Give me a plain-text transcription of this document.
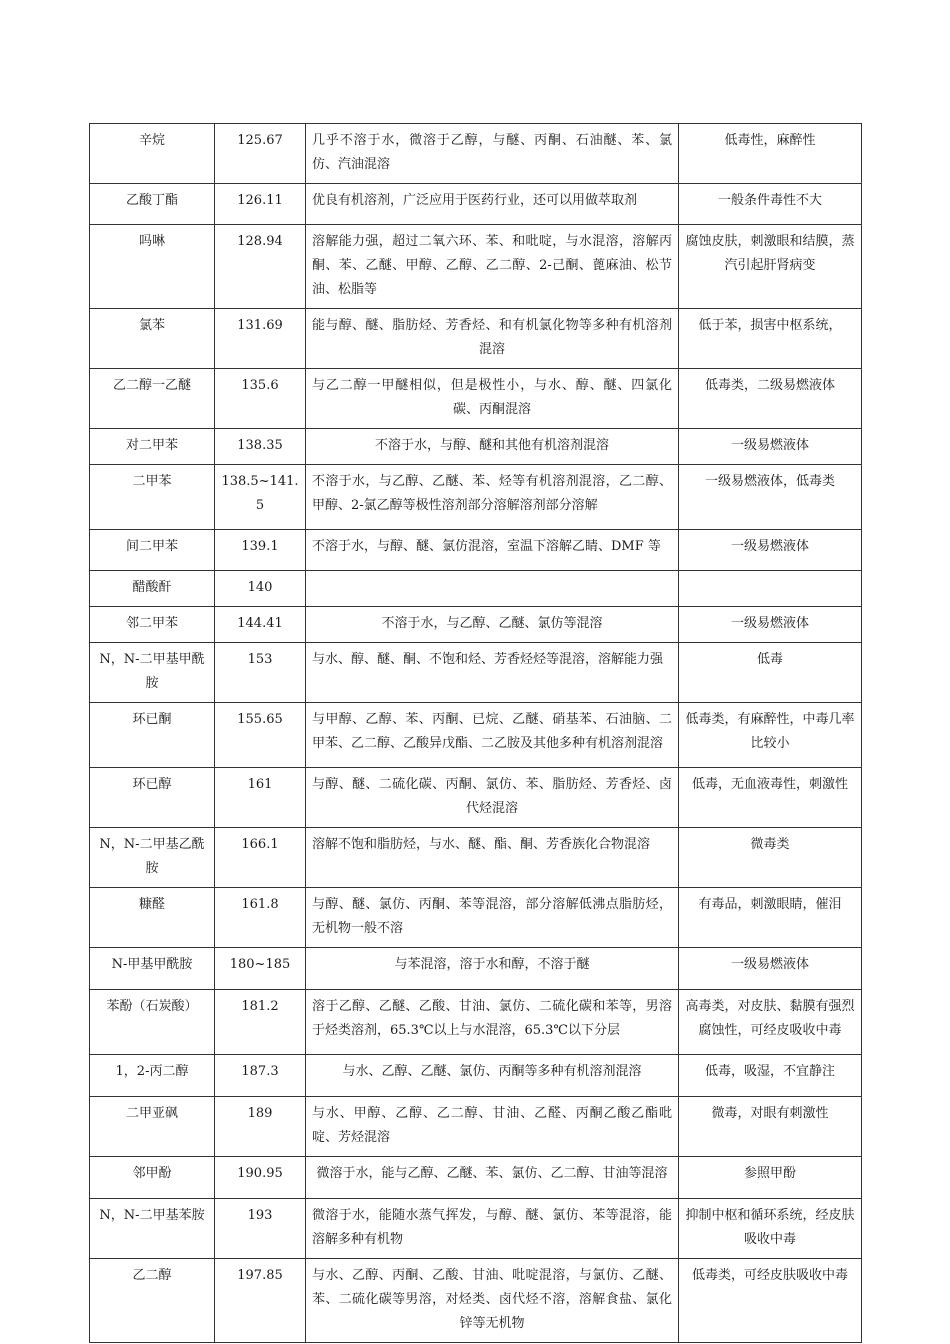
辛烷	125.67	几乎不溶于水，微溶于乙醇，与醚、丙酮、石油醚、苯、氯仿、汽油混溶	低毒性，麻醉性
乙酸丁酯	126.11	优良有机溶剂，广泛应用于医药行业，还可以用做萃取剂	一般条件毒性不大
吗啉	128.94	溶解能力强，超过二氧六环、苯、和吡啶，与水混溶，溶解丙酮、苯、乙醚、甲醇、乙醇、乙二醇、2-己酮、蓖麻油、松节油、松脂等	腐蚀皮肤，刺激眼和结膜，蒸汽引起肝肾病变
氯苯	131.69	能与醇、醚、脂肪烃、芳香烃、和有机氯化物等多种有机溶剂混溶	低于苯，损害中枢系统，
乙二醇一乙醚	135.6	与乙二醇一甲醚相似，但是极性小，与水、醇、醚、四氯化碳、丙酮混溶	低毒类，二级易燃液体
对二甲苯	138.35	不溶于水，与醇、醚和其他有机溶剂混溶	一级易燃液体
二甲苯	138.5~141.5	不溶于水，与乙醇、乙醚、苯、烃等有机溶剂混溶，乙二醇、甲醇、2-氯乙醇等极性溶剂部分溶解溶剂部分溶解	一级易燃液体，低毒类
间二甲苯	139.1	不溶于水，与醇、醚、氯仿混溶，室温下溶解乙睛、DMF 等	一级易燃液体
醋酸酐	140		
邻二甲苯	144.41	不溶于水，与乙醇、乙醚、氯仿等混溶	一级易燃液体
N，N-二甲基甲酰胺	153	与水、醇、醚、酮、不饱和烃、芳香烃烃等混溶，溶解能力强	低毒
环已酮	155.65	与甲醇、乙醇、苯、丙酮、已烷、乙醚、硝基苯、石油脑、二甲苯、乙二醇、乙酸异戊酯、二乙胺及其他多种有机溶剂混溶	低毒类，有麻醉性，中毒几率比较小
环已醇	161	与醇、醚、二硫化碳、丙酮、氯仿、苯、脂肪烃、芳香烃、卤代烃混溶	低毒，无血液毒性，刺激性
N，N-二甲基乙酰胺	166.1	溶解不饱和脂肪烃，与水、醚、酯、酮、芳香族化合物混溶	微毒类
糠醛	161.8	与醇、醚、氯仿、丙酮、苯等混溶，部分溶解低沸点脂肪烃，无机物一般不溶	有毒品，刺激眼睛，催泪
N-甲基甲酰胺	180~185	与苯混溶，溶于水和醇，不溶于醚	一级易燃液体
苯酚（石炭酸）	181.2	溶于乙醇、乙醚、乙酸、甘油、氯仿、二硫化碳和苯等，男溶于烃类溶剂，65.3℃以上与水混溶，65.3℃以下分层	高毒类，对皮肤、黏膜有强烈腐蚀性，可经皮吸收中毒
1，2-丙二醇	187.3	与水、乙醇、乙醚、氯仿、丙酮等多种有机溶剂混溶	低毒，吸湿，不宜静注
二甲亚砜	189	与水、甲醇、乙醇、乙二醇、甘油、乙醛、丙酮乙酸乙酯吡啶、芳烃混溶	微毒，对眼有刺激性
邻甲酚	190.95	微溶于水，能与乙醇、乙醚、苯、氯仿、乙二醇、甘油等混溶	参照甲酚
N，N-二甲基苯胺	193	微溶于水，能随水蒸气挥发，与醇、醚、氯仿、苯等混溶，能溶解多种有机物	抑制中枢和循环系统，经皮肤吸收中毒
乙二醇	197.85	与水、乙醇、丙酮、乙酸、甘油、吡啶混溶，与氯仿、乙醚、苯、二硫化碳等男溶，对烃类、卤代烃不溶，溶解食盐、氯化锌等无机物	低毒类，可经皮肤吸收中毒
